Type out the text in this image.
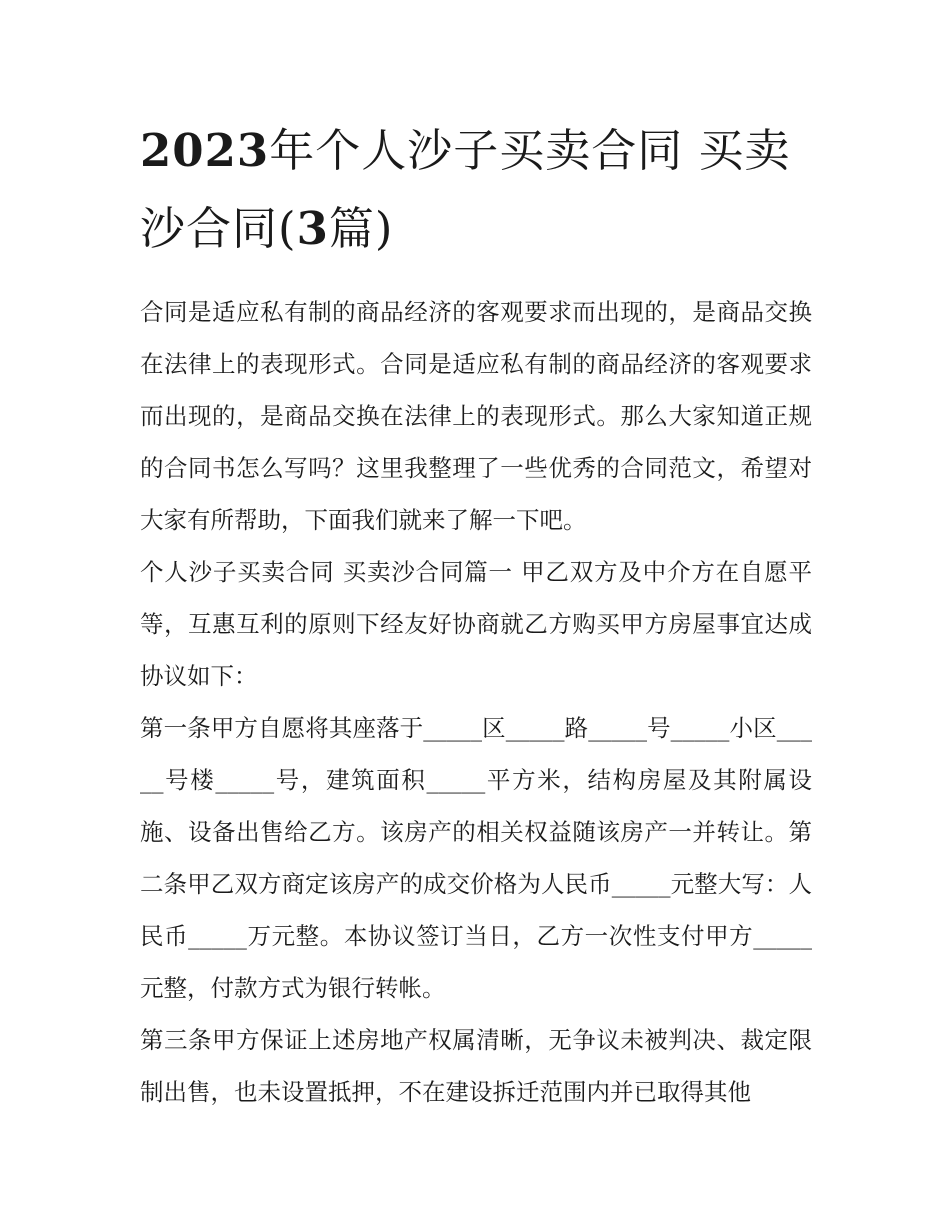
2023年个人沙子买卖合同 买卖沙合同(3篇)

合同是适应私有制的商品经济的客观要求而出现的，是商品交换在法律上的表现形式。合同是适应私有制的商品经济的客观要求而出现的，是商品交换在法律上的表现形式。那么大家知道正规的合同书怎么写吗？这里我整理了一些优秀的合同范文，希望对大家有所帮助，下面我们就来了解一下吧。

个人沙子买卖合同 买卖沙合同篇一 甲乙双方及中介方在自愿平等，互惠互利的原则下经友好协商就乙方购买甲方房屋事宜达成协议如下：

第一条甲方自愿将其座落于_____区_____路_____号_____小区_____号楼_____号，建筑面积_____平方米，结构房屋及其附属设施、设备出售给乙方。该房产的相关权益随该房产一并转让。第二条甲乙双方商定该房产的成交价格为人民币_____元整大写：人民币_____万元整。本协议签订当日，乙方一次性支付甲方_____元整，付款方式为银行转帐。

第三条甲方保证上述房地产权属清晰，无争议未被判决、裁定限制出售，也未设置抵押，不在建设拆迁范围内并已取得其他
